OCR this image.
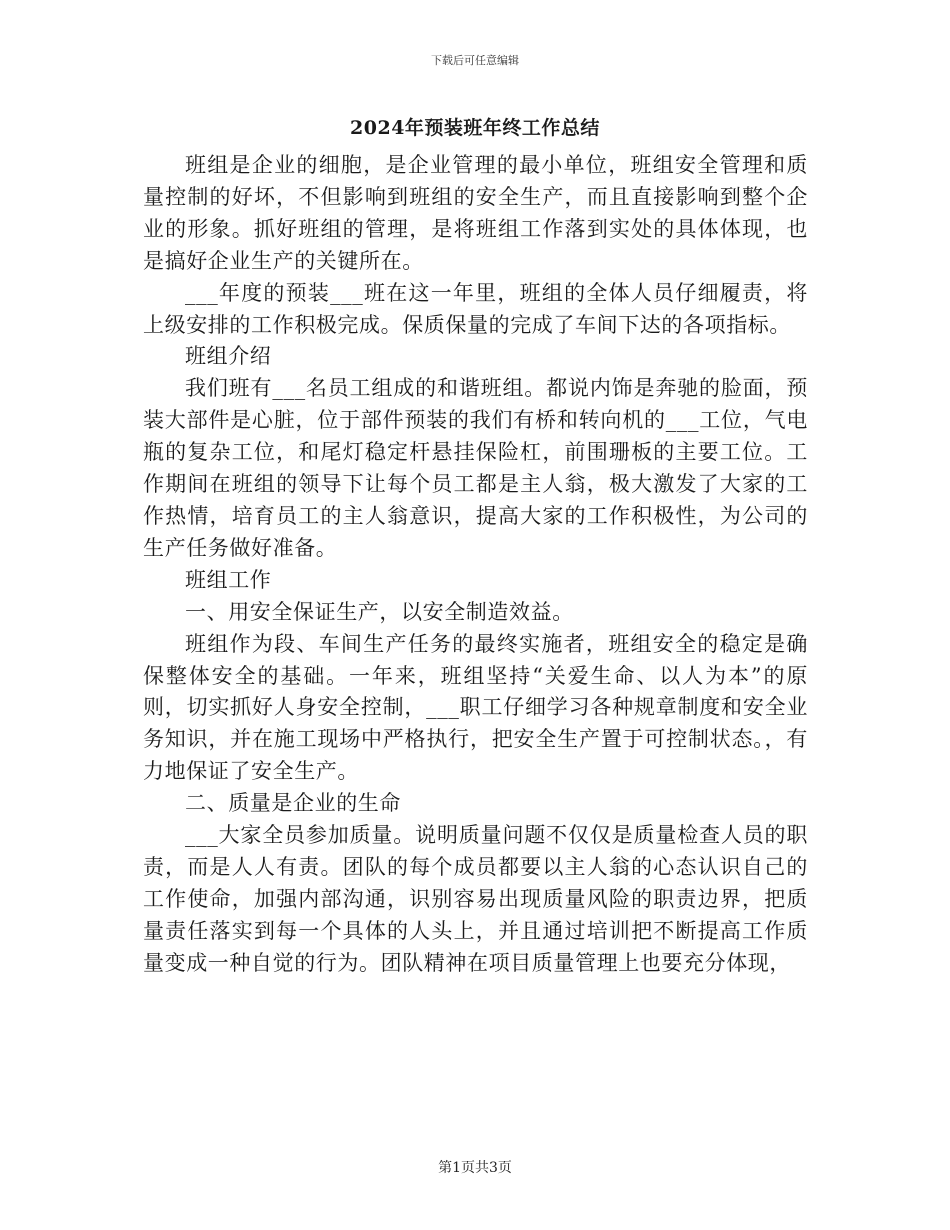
下载后可任意编辑
2024年预装班年终工作总结

班组是企业的细胞，是企业管理的最小单位，班组安全管理和质量控制的好坏，不但影响到班组的安全生产，而且直接影响到整个企业的形象。抓好班组的管理，是将班组工作落到实处的具体体现，也是搞好企业生产的关键所在。

___年度的预装___班在这一年里，班组的全体人员仔细履责，将上级安排的工作积极完成。保质保量的完成了车间下达的各项指标。

班组介绍

我们班有___名员工组成的和谐班组。都说内饰是奔驰的脸面，预装大部件是心脏，位于部件预装的我们有桥和转向机的___工位，气电瓶的复杂工位，和尾灯稳定杆悬挂保险杠，前围珊板的主要工位。工作期间在班组的领导下让每个员工都是主人翁，极大激发了大家的工作热情，培育员工的主人翁意识，提高大家的工作积极性，为公司的生产任务做好准备。

班组工作

一、用安全保证生产，以安全制造效益。

班组作为段、车间生产任务的最终实施者，班组安全的稳定是确保整体安全的基础。一年来，班组坚持“关爱生命、以人为本”的原则，切实抓好人身安全控制，___职工仔细学习各种规章制度和安全业务知识，并在施工现场中严格执行，把安全生产置于可控制状态。，有力地保证了安全生产。

二、质量是企业的生命

___大家全员参加质量。说明质量问题不仅仅是质量检查人员的职责，而是人人有责。团队的每个成员都要以主人翁的心态认识自己的工作使命，加强内部沟通，识别容易出现质量风险的职责边界，把质量责任落实到每一个具体的人头上，并且通过培训把不断提高工作质量变成一种自觉的行为。团队精神在项目质量管理上也要充分体现，

第1页共3页
